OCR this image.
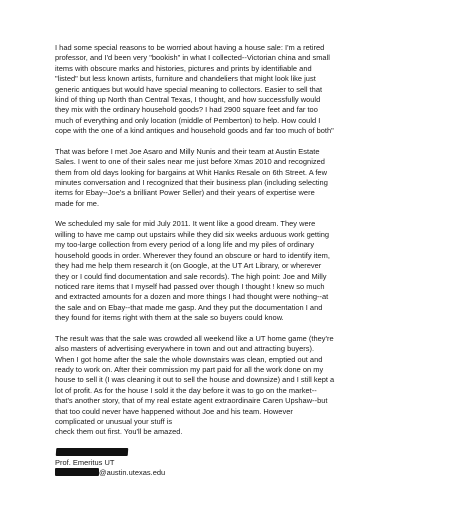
I had some special reasons to be worried about having a house sale: I'm a retired
professor, and I'd been very "bookish" in what I collected--Victorian china and small
items with obscure marks and histories, pictures and prints by identifiable and
"listed" but less known artists, furniture and chandeliers that might look like just
generic antiques but would have special meaning to collectors. Easier to sell that
kind of thing up North than Central Texas, I thought, and how successfully would
they mix with the ordinary household goods? I had 2900 square feet and far too
much of everything and only location (middle of Pemberton) to help. How could I
cope with the one of a kind antiques and household goods and far too much of both"

That was before I met Joe Asaro and Milly Nunis and their team at Austin Estate
Sales. I went to one of their sales near me just before Xmas 2010 and recognized
them from old days looking for bargains at Whit Hanks Resale on 6th Street. A few
minutes conversation and I recognized that their business plan (including selecting
items for Ebay--Joe's a brilliant Power Seller) and their years of expertise were
made for me.

We scheduled my sale for mid July 2011. It went like a good dream. They were
willing to have me camp out upstairs while they did six weeks arduous work getting
my too-large collection from every period of a long life and my piles of ordinary
household goods in order. Wherever they found an obscure or hard to identify item,
they had me help them research it (on Google, at the UT Art Library, or wherever
they or I could find documentation and sale records). The high point: Joe and Milly
noticed rare items that I myself had passed over though I thought ! knew so much
and extracted amounts for a dozen and more things I had thought were nothing--at
the sale and on Ebay--that made me gasp. And they put the documentation I and
they found for items right with them at the sale so buyers could know.

The result was that the sale was crowded all weekend like a UT home game (they're
also masters of advertising everywhere in town and out and attracting buyers).
When I got home after the sale the whole downstairs was clean, emptied out and
ready to work on. After their commission my part paid for all the work done on my
house to sell it (I was cleaning it out to sell the house and downsize) and I still kept a
lot of profit. As for the house I sold it the day before it was to go on the market--
that's another story, that of my real estate agent extraordinaire Caren Upshaw--but
that too could never have happened without Joe and his team. However
complicated or unusual your stuff is
check them out first. You'll be amazed.

Prof. Emeritus UT
@austin.utexas.edu
